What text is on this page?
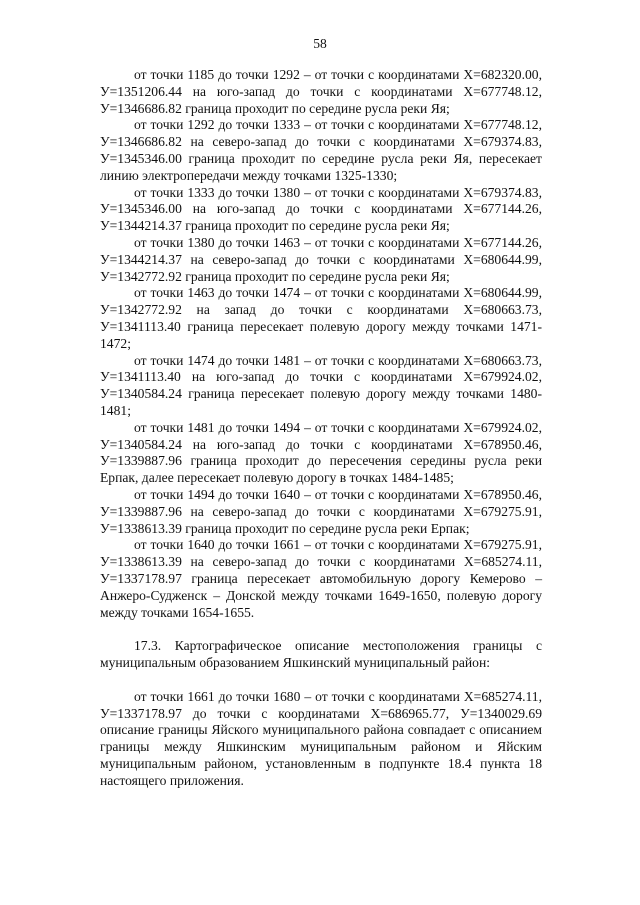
58

от точки 1185 до точки 1292 – от точки с координатами Х=682320.00, У=1351206.44 на юго-запад до точки с координатами Х=677748.12, У=1346686.82 граница проходит по середине русла реки Яя;

от точки 1292 до точки 1333 – от точки с координатами Х=677748.12, У=1346686.82 на северо-запад до точки с координатами Х=679374.83, У=1345346.00 граница проходит по середине русла реки Яя, пересекает линию электропередачи между точками 1325-1330;

от точки 1333 до точки 1380 – от точки с координатами Х=679374.83, У=1345346.00 на юго-запад до точки с координатами Х=677144.26, У=1344214.37 граница проходит по середине русла реки Яя;

от точки 1380 до точки 1463 – от точки с координатами Х=677144.26, У=1344214.37 на северо-запад до точки с координатами Х=680644.99, У=1342772.92 граница проходит по середине русла реки Яя;

от точки 1463 до точки 1474 – от точки с координатами Х=680644.99, У=1342772.92 на запад до точки с координатами Х=680663.73, У=1341113.40 граница пересекает полевую дорогу между точками 1471-1472;

от точки 1474 до точки 1481 – от точки с координатами Х=680663.73, У=1341113.40 на юго-запад до точки с координатами Х=679924.02, У=1340584.24 граница пересекает полевую дорогу между точками 1480-1481;

от точки 1481 до точки 1494 – от точки с координатами Х=679924.02, У=1340584.24 на юго-запад до точки с координатами Х=678950.46, У=1339887.96 граница проходит до пересечения середины русла реки Ерпак, далее пересекает полевую дорогу в точках 1484-1485;

от точки 1494 до точки 1640 – от точки с координатами Х=678950.46, У=1339887.96 на северо-запад до точки с координатами Х=679275.91, У=1338613.39 граница проходит по середине русла реки Ерпак;

от точки 1640 до точки 1661 – от точки с координатами Х=679275.91, У=1338613.39 на северо-запад до точки с координатами Х=685274.11, У=1337178.97 граница пересекает автомобильную дорогу Кемерово – Анжеро-Судженск – Донской между точками 1649-1650, полевую дорогу между точками 1654-1655.

17.3. Картографическое описание местоположения границы с муниципальным образованием Яшкинский муниципальный район:

от точки 1661 до точки 1680 – от точки с координатами Х=685274.11, У=1337178.97 до точки с координатами Х=686965.77, У=1340029.69 описание границы Яйского муниципального района совпадает с описанием границы между Яшкинским муниципальным районом и Яйским муниципальным районом, установленным в подпункте 18.4 пункта 18 настоящего приложения.
